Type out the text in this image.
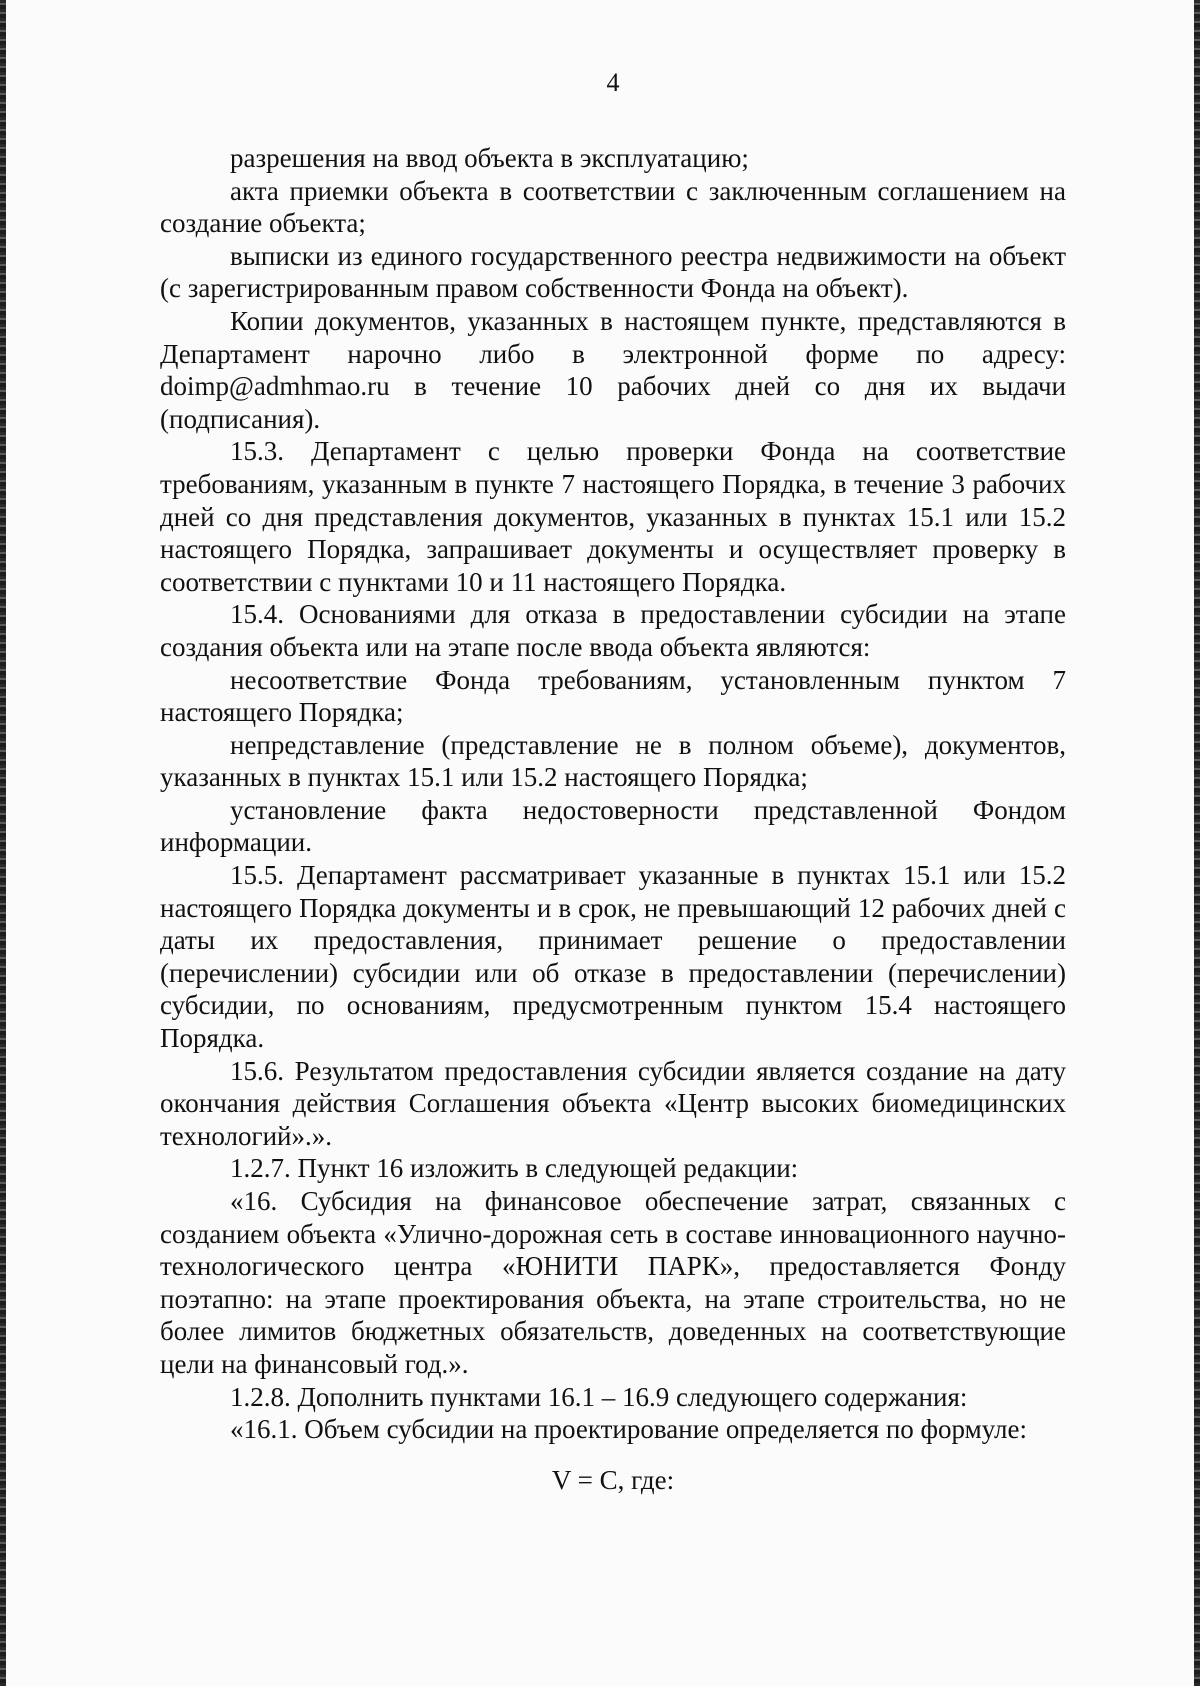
4

разрешения на ввод объекта в эксплуатацию;

акта приемки объекта в соответствии с заключенным соглашением на создание объекта;

выписки из единого государственного реестра недвижимости на объект (с зарегистрированным правом собственности Фонда на объект).

Копии документов, указанных в настоящем пункте, представляются в Департамент нарочно либо в электронной форме по адресу: doimp@admhmao.ru в течение 10 рабочих дней со дня их выдачи (подписания).

15.3. Департамент с целью проверки Фонда на соответствие требованиям, указанным в пункте 7 настоящего Порядка, в течение 3 рабочих дней со дня представления документов, указанных в пунктах 15.1 или 15.2 настоящего Порядка, запрашивает документы и осуществляет проверку в соответствии с пунктами 10 и 11 настоящего Порядка.

15.4. Основаниями для отказа в предоставлении субсидии на этапе создания объекта или на этапе после ввода объекта являются:

несоответствие Фонда требованиям, установленным пунктом 7 настоящего Порядка;

непредставление (представление не в полном объеме), документов, указанных в пунктах 15.1 или 15.2 настоящего Порядка;

установление факта недостоверности представленной Фондом информации.

15.5. Департамент рассматривает указанные в пунктах 15.1 или 15.2 настоящего Порядка документы и в срок, не превышающий 12 рабочих дней с даты их предоставления, принимает решение о предоставлении (перечислении) субсидии или об отказе в предоставлении (перечислении) субсидии, по основаниям, предусмотренным пунктом 15.4 настоящего Порядка.

15.6. Результатом предоставления субсидии является создание на дату окончания действия Соглашения объекта «Центр высоких биомедицинских технологий».».

1.2.7. Пункт 16 изложить в следующей редакции:

«16. Субсидия на финансовое обеспечение затрат, связанных с созданием объекта «Улично-дорожная сеть в составе инновационного научно-технологического центра «ЮНИТИ ПАРК», предоставляется Фонду поэтапно: на этапе проектирования объекта, на этапе строительства, но не более лимитов бюджетных обязательств, доведенных на соответствующие цели на финансовый год.».

1.2.8. Дополнить пунктами 16.1 – 16.9 следующего содержания:

«16.1. Объем субсидии на проектирование определяется по формуле:

V = C, где:
